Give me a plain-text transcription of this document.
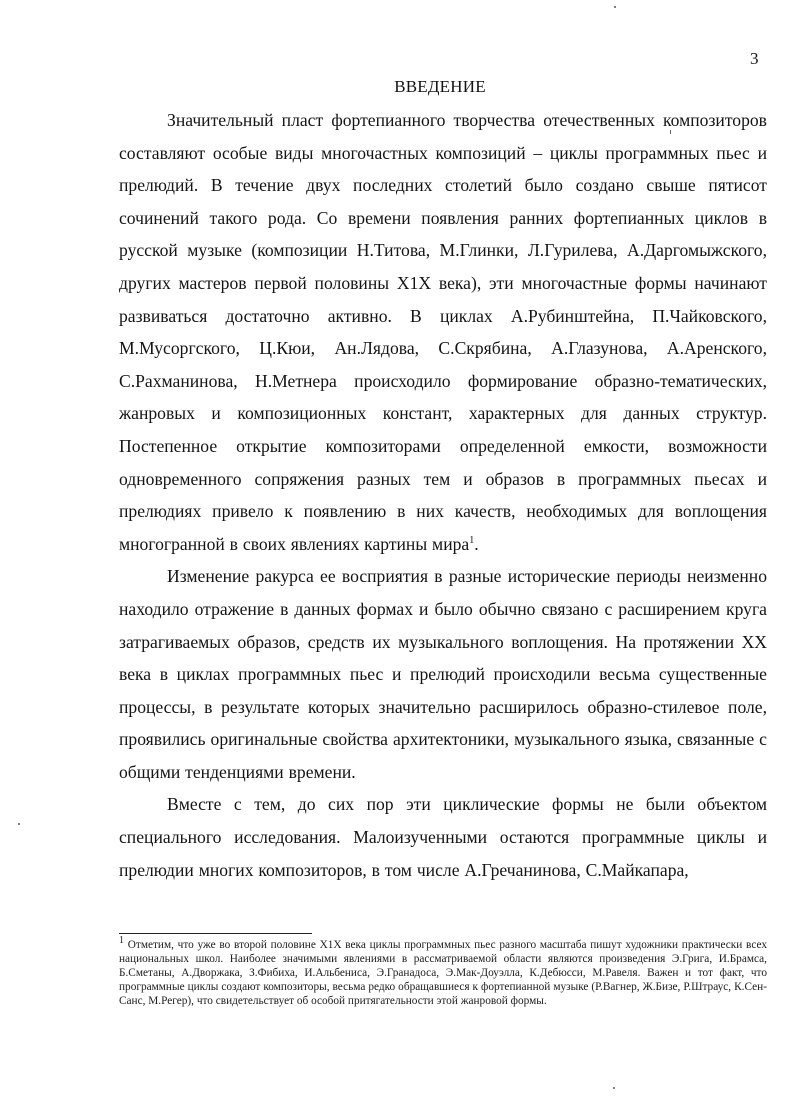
3
ВВЕДЕНИЕ

Значительный пласт фортепианного творчества отечественных композиторов составляют особые виды многочастных композиций – циклы программных пьес и прелюдий. В течение двух последних столетий было создано свыше пятисот сочинений такого рода. Со времени появления ранних фортепианных циклов в русской музыке (композиции Н.Титова, М.Глинки, Л.Гурилева, А.Даргомыжского, других мастеров первой половины Х1Х века), эти многочастные формы начинают развиваться достаточно активно. В циклах А.Рубинштейна, П.Чайковского, М.Мусоргского, Ц.Кюи, Ан.Лядова, С.Скрябина, А.Глазунова, А.Аренского, С.Рахманинова, Н.Метнера происходило формирование образно-тематических, жанровых и композиционных констант, характерных для данных структур. Постепенное открытие композиторами определенной емкости, возможности одновременного сопряжения разных тем и образов в программных пьесах и прелюдиях привело к появлению в них качеств, необходимых для воплощения многогранной в своих явлениях картины мира$^1$.

Изменение ракурса ее восприятия в разные исторические периоды неизменно находило отражение в данных формах и было обычно связано с расширением круга затрагиваемых образов, средств их музыкального воплощения. На протяжении XX века в циклах программных пьес и прелюдий происходили весьма существенные процессы, в результате которых значительно расширилось образно-стилевое поле, проявились оригинальные свойства архитектоники, музыкального языка, связанные с общими тенденциями времени.

Вместе с тем, до сих пор эти циклические формы не были объектом специального исследования. Малоизученными остаются программные циклы и прелюдии многих композиторов, в том числе А.Гречанинова, С.Майкапара,

$^1$ Отметим, что уже во второй половине Х1Х века циклы программных пьес разного масштаба пишут художники практически всех национальных школ. Наиболее значимыми явлениями в рассматриваемой области являются произведения Э.Грига, И.Брамса, Б.Сметаны, А.Дворжака, З.Фибиха, И.Альбениса, Э.Гранадоса, Э.Мак-Доуэлла, К.Дебюсси, М.Равеля. Важен и тот факт, что программные циклы создают композиторы, весьма редко обращавшиеся к фортепианной музыке (Р.Вагнер, Ж.Бизе, Р.Штраус, К.Сен-Санс, М.Регер), что свидетельствует об особой притягательности этой жанровой формы.
